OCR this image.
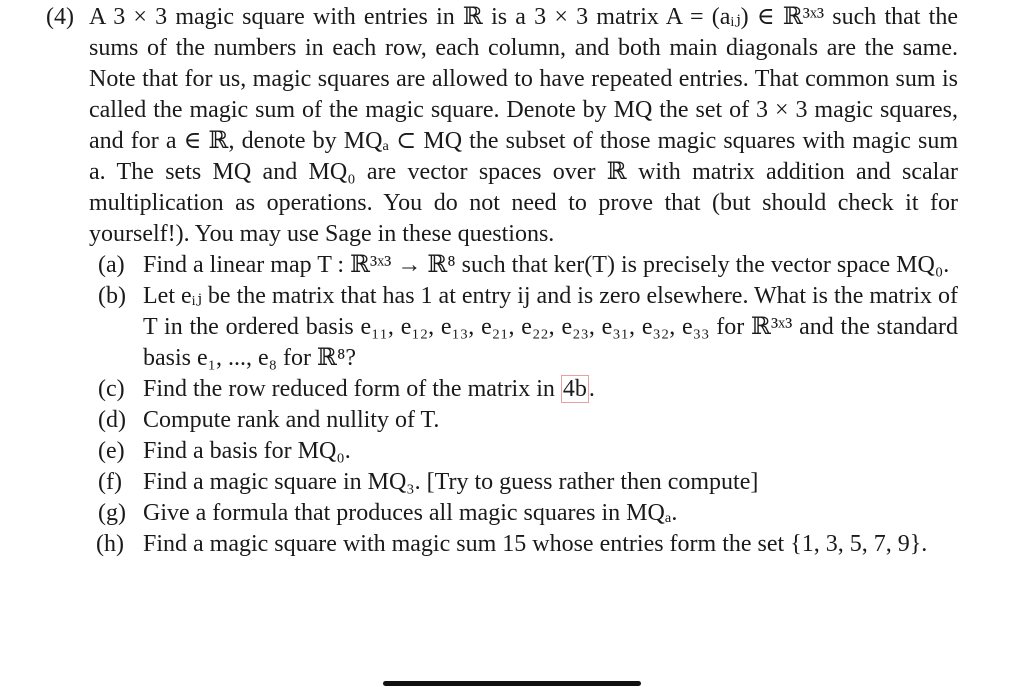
(4) A 3 × 3 magic square with entries in ℝ is a 3 × 3 matrix A = (aᵢⱼ) ∈ ℝ³ˣ³ such that the sums of the numbers in each row, each column, and both main diagonals are the same. Note that for us, magic squares are allowed to have repeated entries. That common sum is called the magic sum of the magic square. Denote by MQ the set of 3 × 3 magic squares, and for a ∈ ℝ, denote by MQₐ ⊂ MQ the subset of those magic squares with magic sum a. The sets MQ and MQ₀ are vector spaces over ℝ with matrix addition and scalar multiplication as operations. You do not need to prove that (but should check it for yourself!). You may use Sage in these questions.
(a) Find a linear map T : ℝ³ˣ³ → ℝ⁸ such that ker(T) is precisely the vector space MQ₀.
(b) Let eᵢⱼ be the matrix that has 1 at entry ij and is zero elsewhere. What is the matrix of T in the ordered basis e₁₁, e₁₂, e₁₃, e₂₁, e₂₂, e₂₃, e₃₁, e₃₂, e₃₃ for ℝ³ˣ³ and the standard basis e₁, ..., e₈ for ℝ⁸?
(c) Find the row reduced form of the matrix in 4b.
(d) Compute rank and nullity of T.
(e) Find a basis for MQ₀.
(f) Find a magic square in MQ₃. [Try to guess rather then compute]
(g) Give a formula that produces all magic squares in MQₐ.
(h) Find a magic square with magic sum 15 whose entries form the set {1, 3, 5, 7, 9}.
